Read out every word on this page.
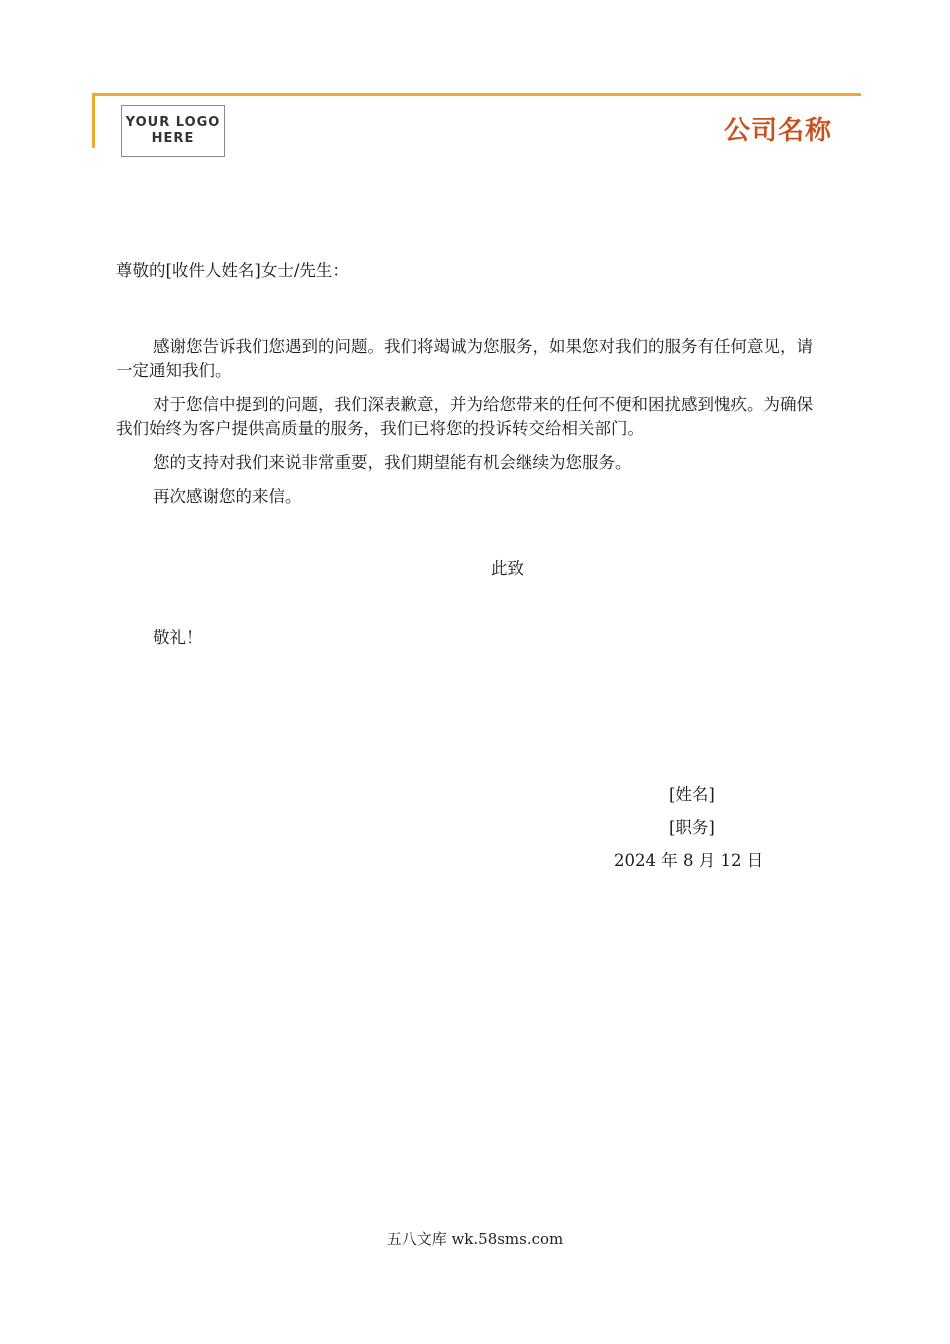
YOUR LOGO
HERE	公司名称
尊敬的[收件人姓名]女士/先生：

感谢您告诉我们您遇到的问题。我们将竭诚为您服务，如果您对我们的服务有任何意见，请一定通知我们。

对于您信中提到的问题，我们深表歉意，并为给您带来的任何不便和困扰感到愧疚。为确保我们始终为客户提供高质量的服务，我们已将您的投诉转交给相关部门。

您的支持对我们来说非常重要，我们期望能有机会继续为您服务。

再次感谢您的来信。

此致
敬礼！
[姓名]
[职务]
2024 年 8 月 12 日
五八文库 wk.58sms.com
